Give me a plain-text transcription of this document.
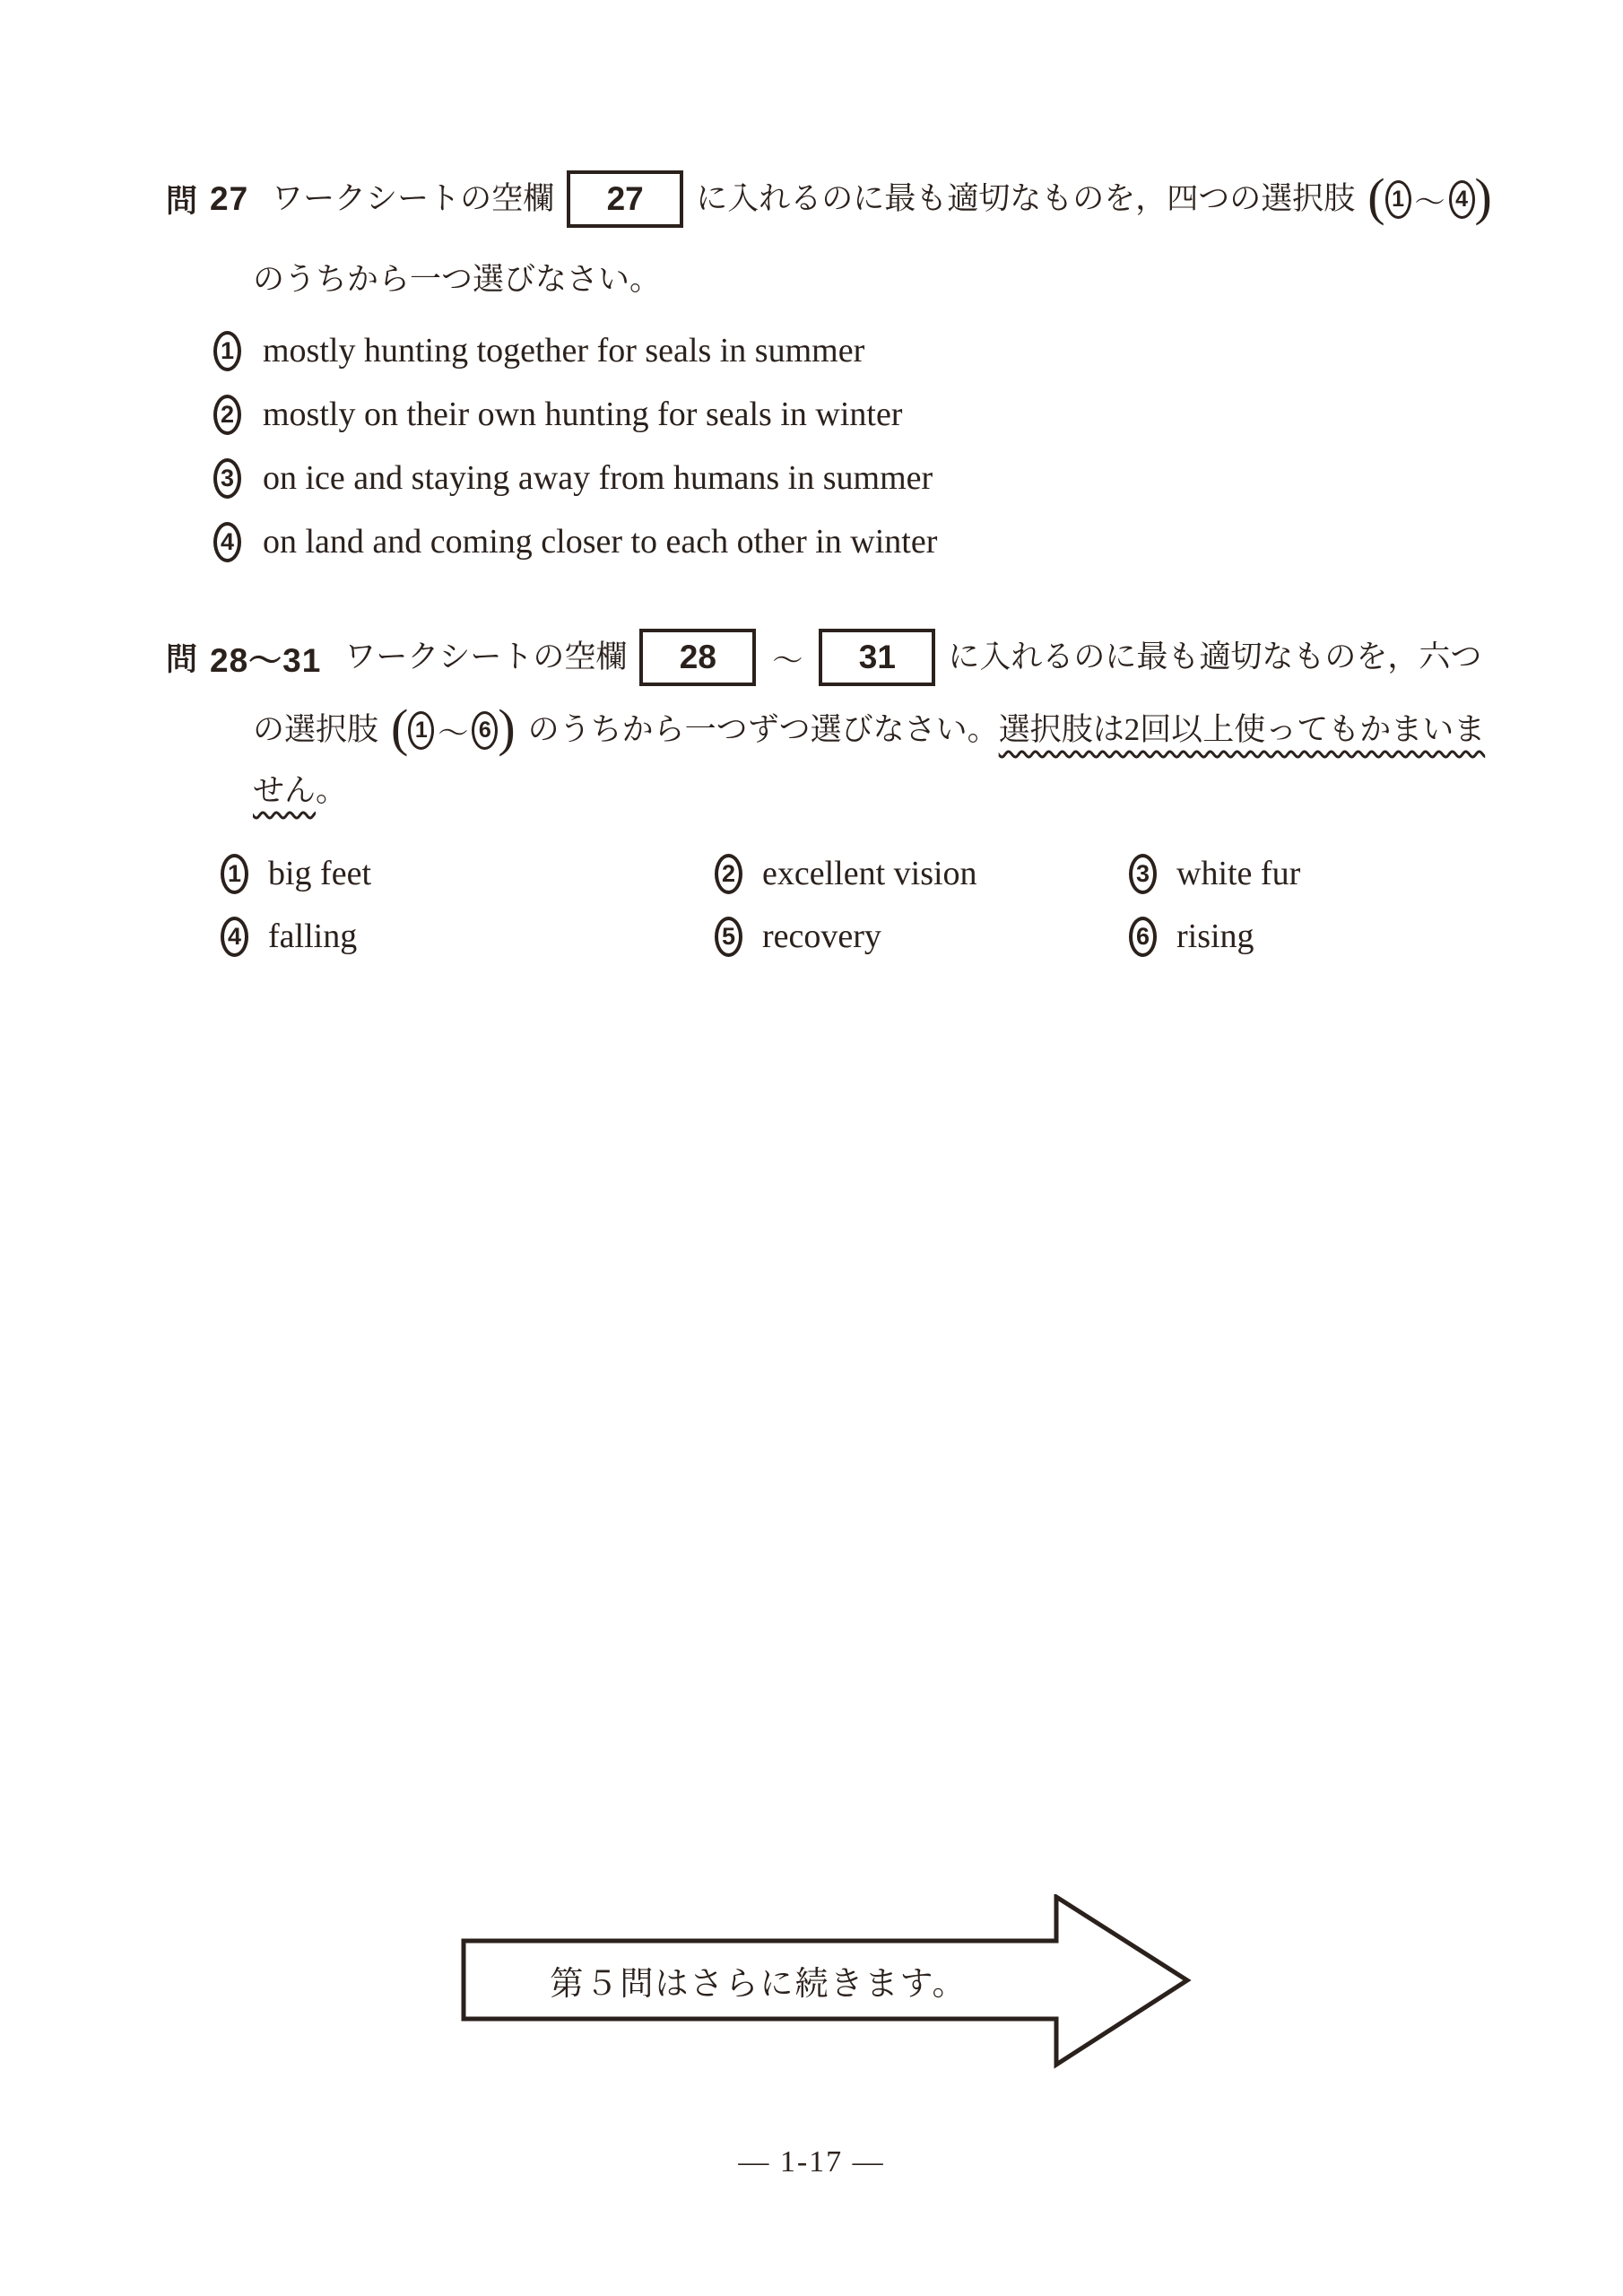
問 27 ワークシートの空欄	27	に入れるのに最も適切なものを，四つの選択肢 ( 1 ～ 4 )
のうちから一つ選びなさい。
1 mostly hunting together for seals in summer
2 mostly on their own hunting for seals in winter
3 on ice and staying away from humans in summer
4 on land and coming closer to each other in winter
問 28～31 ワークシートの空欄	28	～	31	に入れるのに最も適切なものを，六つ
の選択肢 ( 1 ～ 6 ) のうちから一つずつ選びなさい。 選択肢は2回以上使ってもかまいま
せん 。
1 big feet	2 excellent vision	3 white fur
4 falling	5 recovery	6 rising
第５問はさらに続きます。
— 1-17 —
